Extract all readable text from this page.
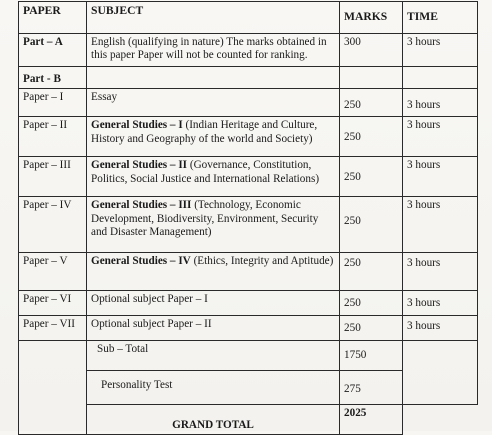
PAPER	SUBJECT	MARKS	TIME
Part – A	English (qualifying in nature) The marks obtained in this paper Paper will not be counted for ranking.	300	3 hours
Part - B			
Paper – I	Essay	250	3 hours
Paper – II	General Studies – I (Indian Heritage and Culture, History and Geography of the world and Society)	250	3 hours
Paper – III	General Studies – II (Governance, Constitution, Politics, Social Justice and International Relations)	250	3 hours
Paper – IV	General Studies – III (Technology, Economic Development, Biodiversity, Environment, Security and Disaster Management)	250	3 hours
Paper – V	General Studies – IV (Ethics, Integrity and Aptitude)	250	3 hours
Paper – VI	Optional subject Paper – I	250	3 hours
Paper – VII	Optional subject Paper – II	250	3 hours
	Sub – Total	1750	
	Personality Test	275	
	GRAND TOTAL	2025	
